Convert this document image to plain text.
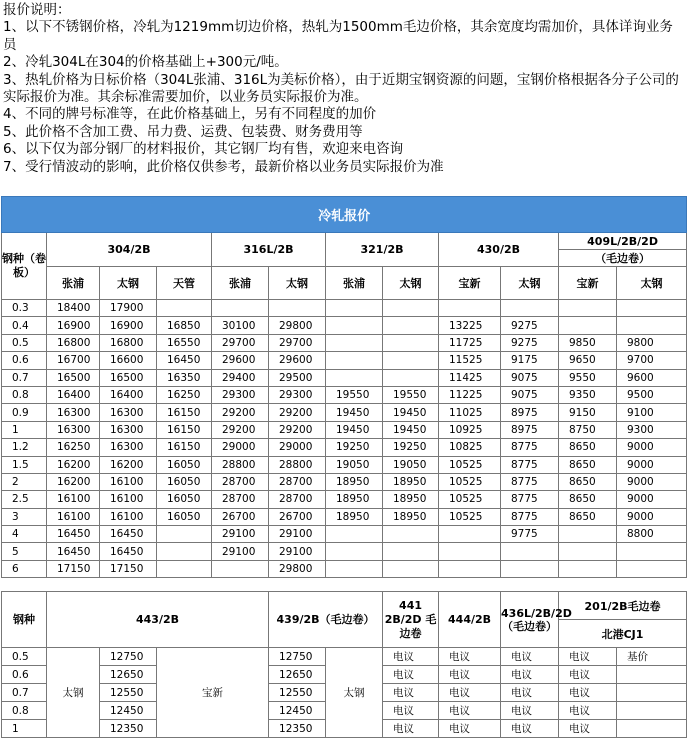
报价说明：
1、以下不锈钢价格，冷轧为1219mm切边价格，热轧为1500mm毛边价格，其余宽度均需加价，具体详询业务员
2、冷轧304L在304的价格基础上+300元/吨。
3、热轧价格为日标价格（304L张浦、316L为美标价格），由于近期宝钢资源的问题，宝钢价格根据各分子公司的实际报价为准。其余标准需要加价，以业务员实际报价为准。
4、不同的牌号标准等，在此价格基础上，另有不同程度的加价
5、此价格不含加工费、吊力费、运费、包装费、财务费用等
6、以下仅为部分钢厂的材料报价，其它钢厂均有售，欢迎来电咨询
7、受行情波动的影响，此价格仅供参考，最新价格以业务员实际报价为准
冷轧报价											
钢种（卷板）	304/2B			316L/2B		321/2B		430/2B		409L/2B/2D	
										（毛边卷）	
	张浦	太钢	天管	张浦	太钢	张浦	太钢	宝新	太钢	宝新	太钢
0.3	18400	17900									
0.4	16900	16900	16850	30100	29800			13225	9275		
0.5	16800	16800	16550	29700	29700			11725	9275	9850	9800
0.6	16700	16600	16450	29600	29600			11525	9175	9650	9700
0.7	16500	16500	16350	29400	29500			11425	9075	9550	9600
0.8	16400	16400	16250	29300	29300	19550	19550	11225	9075	9350	9500
0.9	16300	16300	16150	29200	29200	19450	19450	11025	8975	9150	9100
1	16300	16300	16150	29200	29200	19450	19450	10925	8975	8750	9300
1.2	16250	16300	16150	29000	29000	19250	19250	10825	8775	8650	9000
1.5	16200	16200	16050	28800	28800	19050	19050	10525	8775	8650	9000
2	16200	16100	16050	28700	28700	18950	18950	10525	8775	8650	9000
2.5	16100	16100	16050	28700	28700	18950	18950	10525	8775	8650	9000
3	16100	16100	16050	26700	26700	18950	18950	10525	8775	8650	9000
4	16450	16450		29100	29100				9775		8800
5	16450	16450		29100	29100						
6	17150	17150			29800						
钢种	443/2B			439/2B（毛边卷）		441 2B/2D 毛边卷	444/2B	436L/2B/2D（毛边卷）	201/2B毛边卷		
									北港CJ1		
0.5	太钢	12750	宝新	12750	太钢	电议	电议	电议	电议	基价	
0.6		12650		12650		电议	电议	电议	电议		
0.7		12550		12550		电议	电议	电议	电议		
0.8		12450		12450		电议	电议	电议	电议		
1		12350		12350		电议	电议	电议	电议		
